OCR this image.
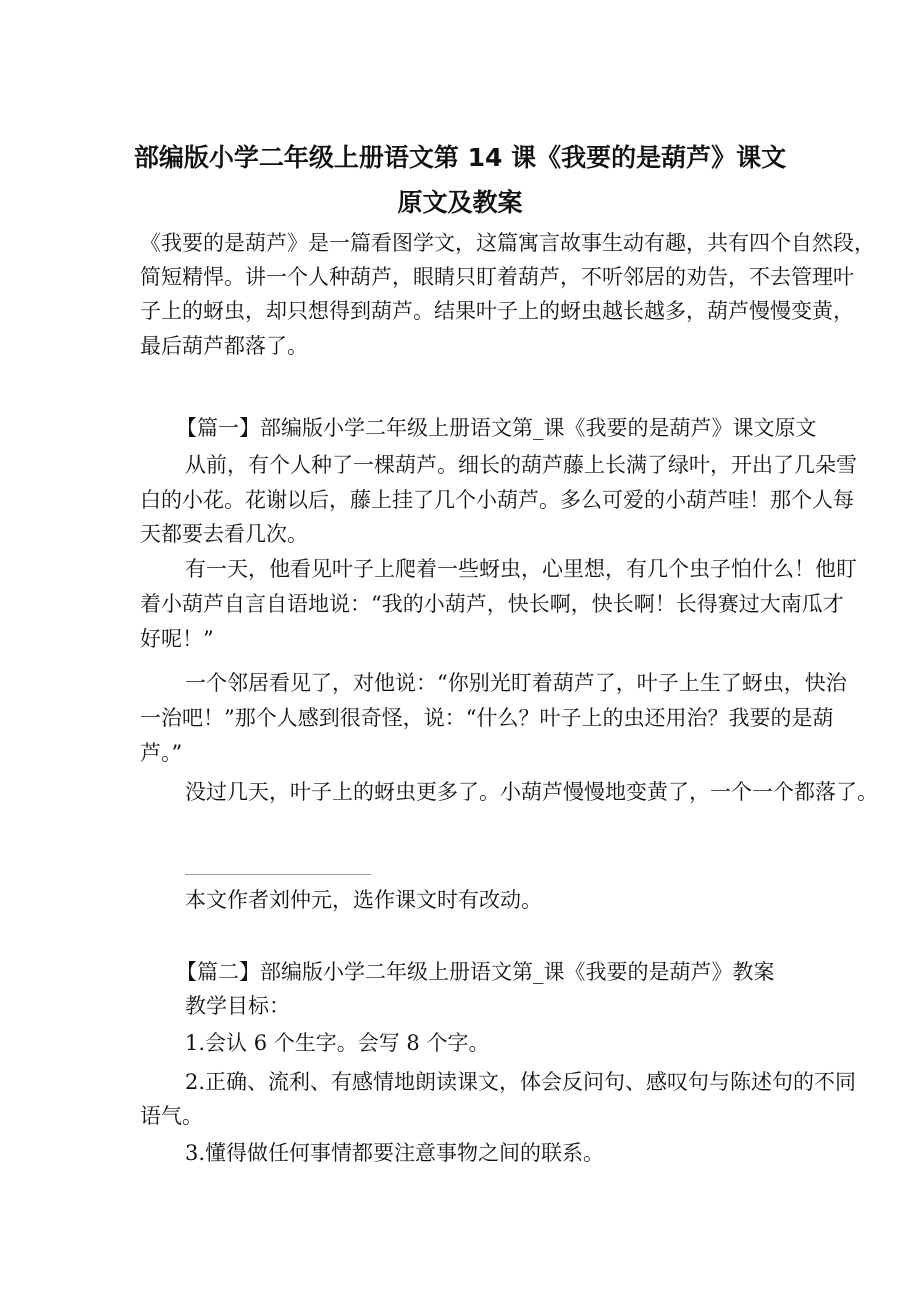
部编版小学二年级上册语文第 14 课《我要的是葫芦》课文
原文及教案
《我要的是葫芦》是一篇看图学文，这篇寓言故事生动有趣，共有四个自然段，
简短精悍。讲一个人种葫芦，眼睛只盯着葫芦，不听邻居的劝告，不去管理叶
子上的蚜虫，却只想得到葫芦。结果叶子上的蚜虫越长越多，葫芦慢慢变黄，
最后葫芦都落了。
【篇一】部编版小学二年级上册语文第_课《我要的是葫芦》课文原文
从前，有个人种了一棵葫芦。细长的葫芦藤上长满了绿叶，开出了几朵雪
白的小花。花谢以后，藤上挂了几个小葫芦。多么可爱的小葫芦哇！那个人每
天都要去看几次。
有一天，他看见叶子上爬着一些蚜虫，心里想，有几个虫子怕什么！他盯
着小葫芦自言自语地说：“我的小葫芦，快长啊，快长啊！长得赛过大南瓜才
好呢！”
一个邻居看见了，对他说：“你别光盯着葫芦了，叶子上生了蚜虫，快治
一治吧！”那个人感到很奇怪，说：“什么？叶子上的虫还用治？我要的是葫
芦。”
没过几天，叶子上的蚜虫更多了。小葫芦慢慢地变黄了，一个一个都落了。
本文作者刘仲元，选作课文时有改动。
【篇二】部编版小学二年级上册语文第_课《我要的是葫芦》教案
教学目标：
1.会认 6 个生字。会写 8 个字。
2.正确、流利、有感情地朗读课文，体会反问句、感叹句与陈述句的不同
语气。
3.懂得做任何事情都要注意事物之间的联系。
